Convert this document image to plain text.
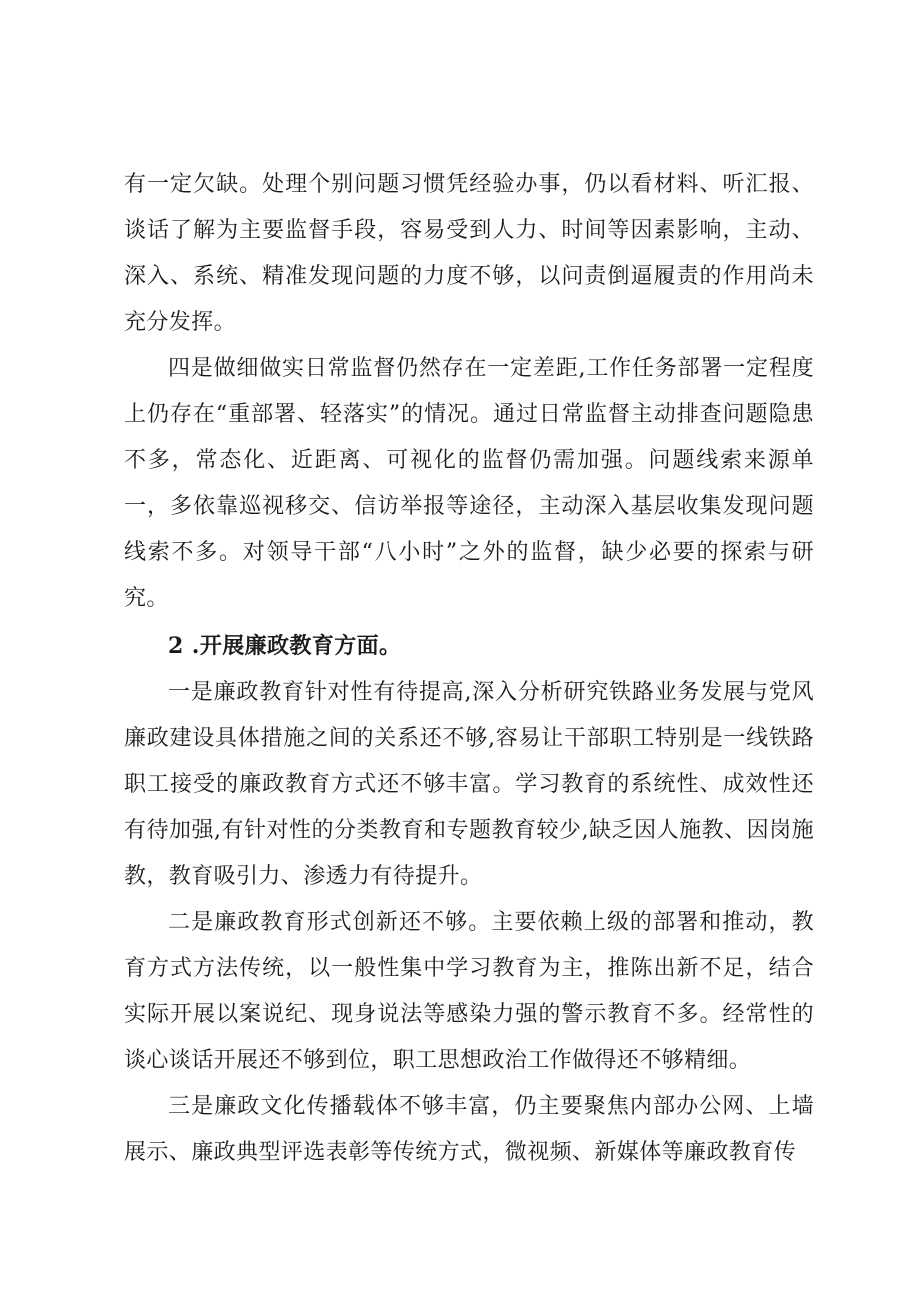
有一定欠缺。处理个别问题习惯凭经验办事，仍以看材料、听汇报、谈话了解为主要监督手段，容易受到人力、时间等因素影响，主动、深入、系统、精准发现问题的力度不够，以问责倒逼履责的作用尚未充分发挥。

四是做细做实日常监督仍然存在一定差距,工作任务部署一定程度上仍存在“重部署、轻落实”的情况。通过日常监督主动排查问题隐患不多，常态化、近距离、可视化的监督仍需加强。问题线索来源单一，多依靠巡视移交、信访举报等途径，主动深入基层收集发现问题线索不多。对领导干部“八小时”之外的监督，缺少必要的探索与研究。

2 .开展廉政教育方面。

一是廉政教育针对性有待提高,深入分析研究铁路业务发展与党风廉政建设具体措施之间的关系还不够,容易让干部职工特别是一线铁路职工接受的廉政教育方式还不够丰富。学习教育的系统性、成效性还有待加强,有针对性的分类教育和专题教育较少,缺乏因人施教、因岗施教，教育吸引力、渗透力有待提升。

二是廉政教育形式创新还不够。主要依赖上级的部署和推动，教育方式方法传统，以一般性集中学习教育为主，推陈出新不足，结合实际开展以案说纪、现身说法等感染力强的警示教育不多。经常性的谈心谈话开展还不够到位，职工思想政治工作做得还不够精细。

三是廉政文化传播载体不够丰富，仍主要聚焦内部办公网、上墙展示、廉政典型评选表彰等传统方式，微视频、新媒体等廉政教育传
